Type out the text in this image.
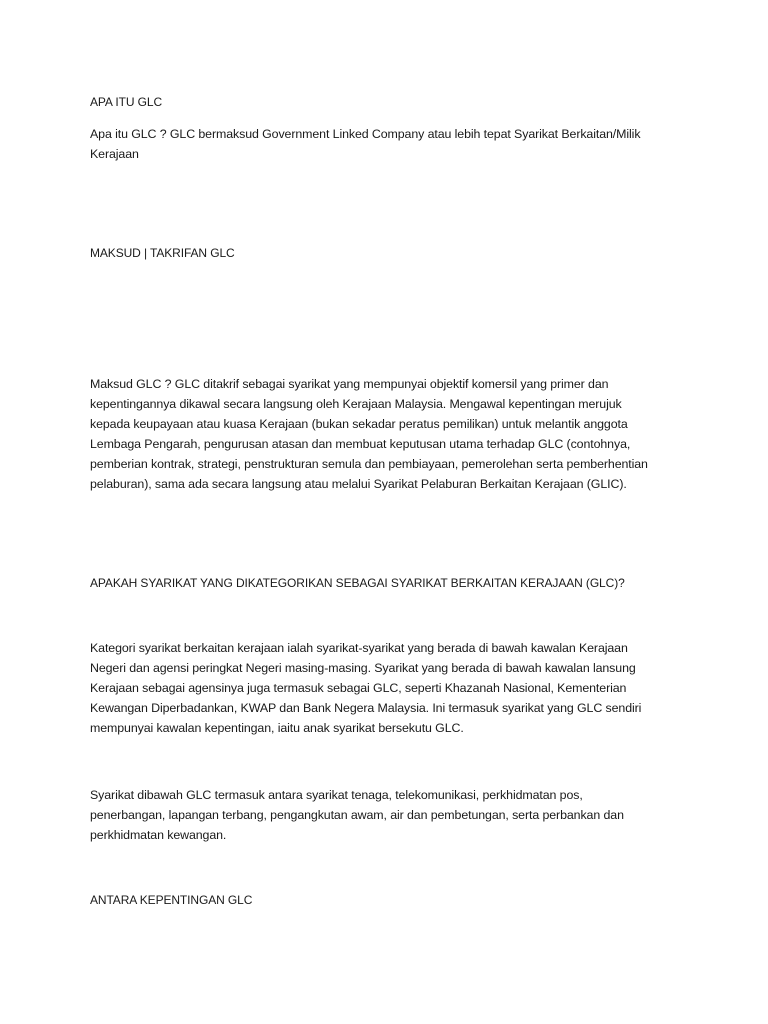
APA ITU GLC

Apa itu GLC ? GLC bermaksud Government Linked Company atau lebih tepat Syarikat Berkaitan/Milik

Kerajaan

MAKSUD | TAKRIFAN GLC

Maksud GLC ? GLC ditakrif sebagai syarikat yang mempunyai objektif komersil yang primer dan

kepentingannya dikawal secara langsung oleh Kerajaan Malaysia. Mengawal kepentingan merujuk

kepada keupayaan atau kuasa Kerajaan (bukan sekadar peratus pemilikan) untuk melantik anggota

Lembaga Pengarah, pengurusan atasan dan membuat keputusan utama terhadap GLC (contohnya,

pemberian kontrak, strategi, penstrukturan semula dan pembiayaan, pemerolehan serta pemberhentian

pelaburan), sama ada secara langsung atau melalui Syarikat Pelaburan Berkaitan Kerajaan (GLIC).

APAKAH SYARIKAT YANG DIKATEGORIKAN SEBAGAI SYARIKAT BERKAITAN KERAJAAN (GLC)?

Kategori syarikat berkaitan kerajaan ialah syarikat-syarikat yang berada di bawah kawalan Kerajaan

Negeri dan agensi peringkat Negeri masing-masing. Syarikat yang berada di bawah kawalan lansung

Kerajaan sebagai agensinya juga termasuk sebagai GLC, seperti Khazanah Nasional, Kementerian

Kewangan Diperbadankan, KWAP dan Bank Negera Malaysia. Ini termasuk syarikat yang GLC sendiri

mempunyai kawalan kepentingan, iaitu anak syarikat bersekutu GLC.

Syarikat dibawah GLC termasuk antara syarikat tenaga, telekomunikasi, perkhidmatan pos,

penerbangan, lapangan terbang, pengangkutan awam, air dan pembetungan, serta perbankan dan

perkhidmatan kewangan.

ANTARA KEPENTINGAN GLC
